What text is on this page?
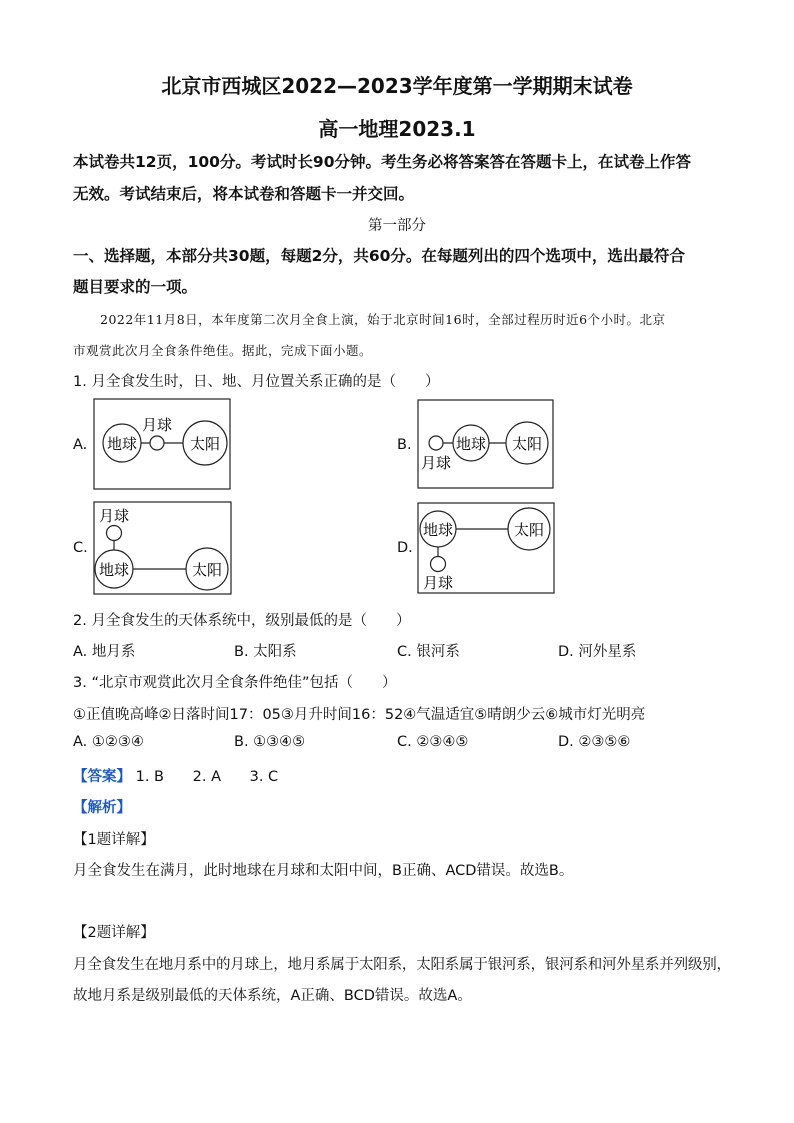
北京市西城区2022—2023学年度第一学期期末试卷
高一地理2023.1
本试卷共12页，100分。考试时长90分钟。考生务必将答案答在答题卡上，在试卷上作答
无效。考试结束后，将本试卷和答题卡一并交回。
第一部分
一、选择题，本部分共30题，每题2分，共60分。在每题列出的四个选项中，选出最符合
题目要求的一项。
2022年11月8日，本年度第二次月全食上演，始于北京时间16时，全部过程历时近6个小时。北京
市观赏此次月全食条件绝佳。据此，完成下面小题。
1. 月全食发生时，日、地、月位置关系正确的是（　　）
A.	B.
C.	D.
地球
月球
太阳	地球
月球
太阳
月球
地球	太阳
地球	太阳
月球
2. 月全食发生的天体系统中，级别最低的是（　　）
A. 地月系	B. 太阳系	C. 银河系	D. 河外星系
3. “北京市观赏此次月全食条件绝佳”包括（　　）
①正值晚高峰②日落时间17：05③月升时间16：52④气温适宜⑤晴朗少云⑥城市灯光明亮
A. ①②③④	B. ①③④⑤	C. ②③④⑤	D. ②③⑤⑥
【答案】 1. B 2. A 3. C
【解析】
【1题详解】
月全食发生在满月，此时地球在月球和太阳中间，B正确、ACD错误。故选B。
【2题详解】
月全食发生在地月系中的月球上，地月系属于太阳系，太阳系属于银河系，银河系和河外星系并列级别，
故地月系是级别最低的天体系统，A正确、BCD错误。故选A。
